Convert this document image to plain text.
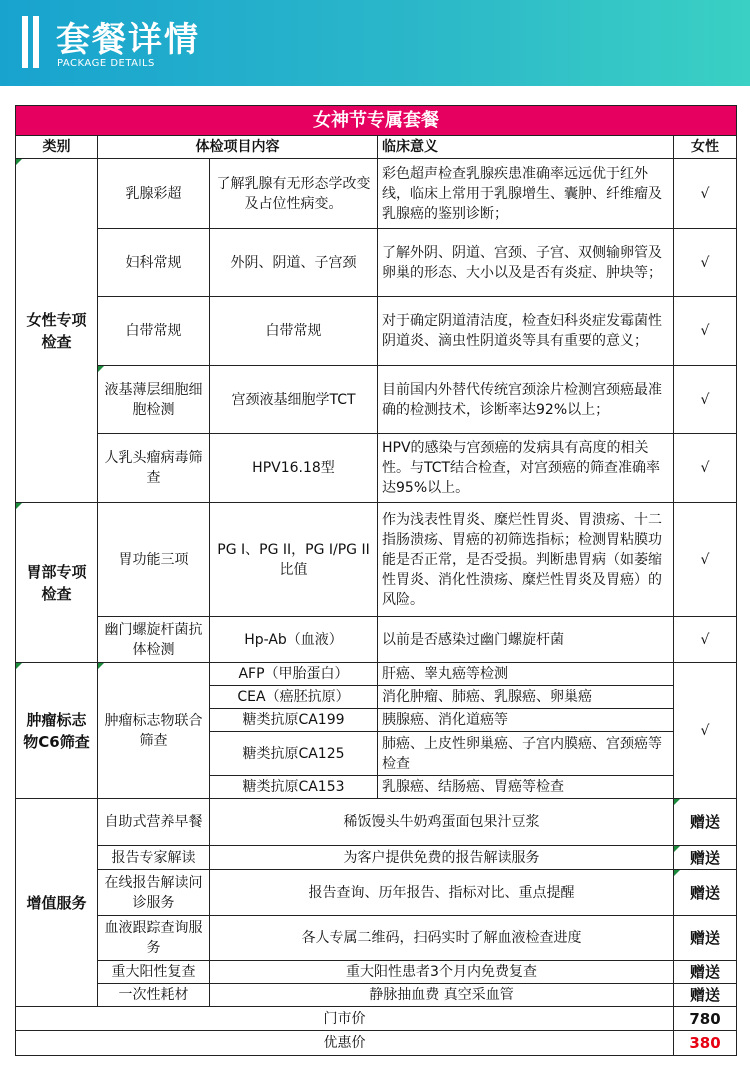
套餐详情
PACKAGE DETAILS
女神节专属套餐				
类别	体检项目内容		临床意义	女性
女性专项检查	乳腺彩超	了解乳腺有无形态学改变及占位性病变。	彩色超声检查乳腺疾患准确率远远优于红外线，临床上常用于乳腺增生、囊肿、纤维瘤及乳腺癌的鉴别诊断；	√
	妇科常规	外阴、阴道、子宫颈	了解外阴、阴道、宫颈、子宫、双侧输卵管及卵巢的形态、大小以及是否有炎症、肿块等；	√
	白带常规	白带常规	对于确定阴道清洁度，检查妇科炎症发霉菌性阴道炎、滴虫性阴道炎等具有重要的意义；	√
	液基薄层细胞细胞检测	宫颈液基细胞学TCT	目前国内外替代传统宫颈涂片检测宫颈癌最准确的检测技术，诊断率达92%以上；	√
	人乳头瘤病毒筛查	HPV16.18型	HPV的感染与宫颈癌的发病具有高度的相关性。与TCT结合检查，对宫颈癌的筛查准确率达95%以上。	√
胃部专项检查	胃功能三项	PG I、PG II，PG I/PG II比值	作为浅表性胃炎、糜烂性胃炎、胃溃疡、十二指肠溃疡、胃癌的初筛选指标；检测胃粘膜功能是否正常，是否受损。判断患胃病（如萎缩性胃炎、消化性溃疡、糜烂性胃炎及胃癌）的风险。	√
	幽门螺旋杆菌抗体检测	Hp-Ab（血液）	以前是否感染过幽门螺旋杆菌	√
肿瘤标志物C6筛查	肿瘤标志物联合筛查	AFP（甲胎蛋白）	肝癌、睾丸癌等检测	√
		CEA（癌胚抗原）	消化肿瘤、肺癌、乳腺癌、卵巢癌	
		糖类抗原CA199	胰腺癌、消化道癌等	
		糖类抗原CA125	肺癌、上皮性卵巢癌、子宫内膜癌、宫颈癌等检查	
		糖类抗原CA153	乳腺癌、结肠癌、胃癌等检查	
增值服务	自助式营养早餐	稀饭馒头牛奶鸡蛋面包果汁豆浆		赠送
	报告专家解读	为客户提供免费的报告解读服务		赠送
	在线报告解读问诊服务	报告查询、历年报告、指标对比、重点提醒		赠送
	血液跟踪查询服务	各人专属二维码，扫码实时了解血液检查进度		赠送
	重大阳性复查	重大阳性患者3个月内免费复查		赠送
	一次性耗材	静脉抽血费 真空采血管		赠送
门市价				780
优惠价				380
